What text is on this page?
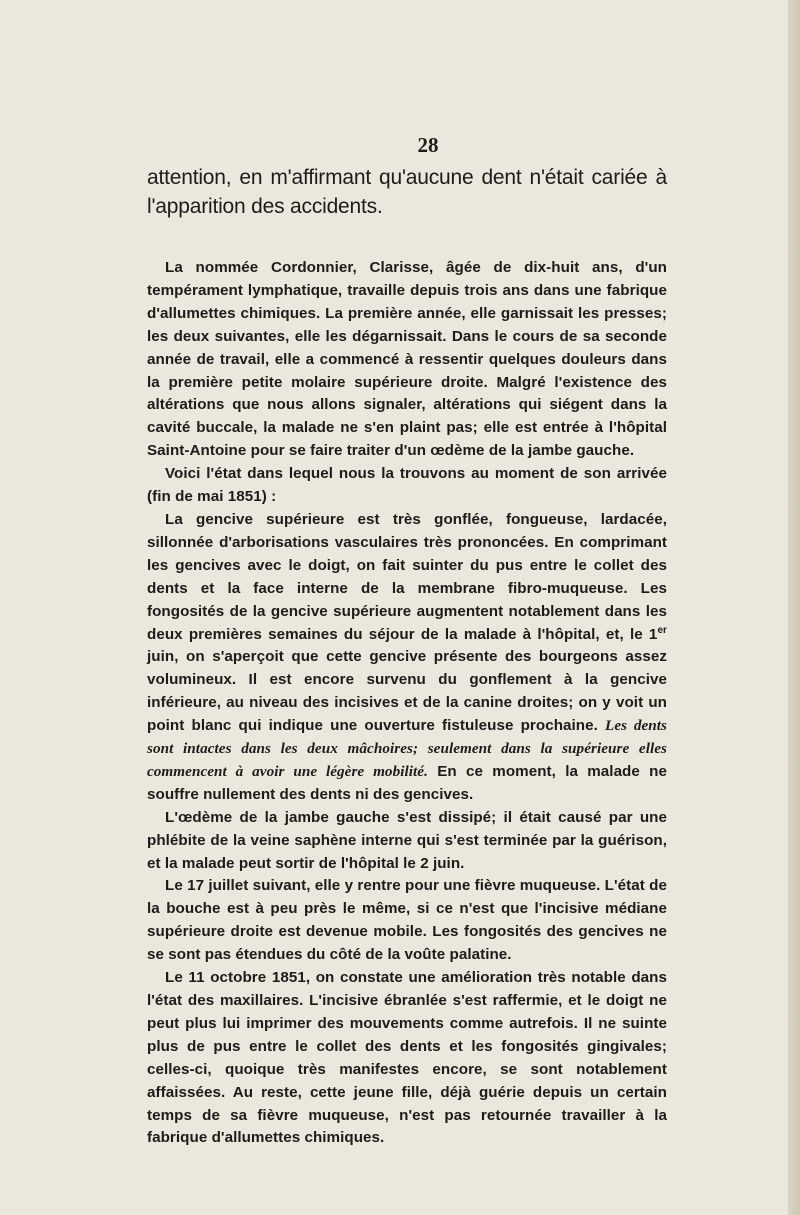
28

attention, en m'affirmant qu'aucune dent n'était cariée à l'apparition des accidents.

La nommée Cordonnier, Clarisse, âgée de dix-huit ans, d'un tempérament lymphatique, travaille depuis trois ans dans une fabrique d'allumettes chimiques. La première année, elle garnissait les presses; les deux suivantes, elle les dégarnissait. Dans le cours de sa seconde année de travail, elle a commencé à ressentir quelques douleurs dans la première petite molaire supérieure droite. Malgré l'existence des altérations que nous allons signaler, altérations qui siégent dans la cavité buccale, la malade ne s'en plaint pas; elle est entrée à l'hôpital Saint-Antoine pour se faire traiter d'un œdème de la jambe gauche.

Voici l'état dans lequel nous la trouvons au moment de son arrivée (fin de mai 1851) :

La gencive supérieure est très gonflée, fongueuse, lardacée, sillonnée d'arborisations vasculaires très prononcées. En comprimant les gencives avec le doigt, on fait suinter du pus entre le collet des dents et la face interne de la membrane fibro-muqueuse. Les fongosités de la gencive supérieure augmentent notablement dans les deux premières semaines du séjour de la malade à l'hôpital, et, le 1er juin, on s'aperçoit que cette gencive présente des bourgeons assez volumineux. Il est encore survenu du gonflement à la gencive inférieure, au niveau des incisives et de la canine droites; on y voit un point blanc qui indique une ouverture fistuleuse prochaine. Les dents sont intactes dans les deux mâchoires; seulement dans la supérieure elles commencent à avoir une légère mobilité. En ce moment, la malade ne souffre nullement des dents ni des gencives.

L'œdème de la jambe gauche s'est dissipé; il était causé par une phlébite de la veine saphène interne qui s'est terminée par la guérison, et la malade peut sortir de l'hôpital le 2 juin.

Le 17 juillet suivant, elle y rentre pour une fièvre muqueuse. L'état de la bouche est à peu près le même, si ce n'est que l'incisive médiane supérieure droite est devenue mobile. Les fongosités des gencives ne se sont pas étendues du côté de la voûte palatine.

Le 11 octobre 1851, on constate une amélioration très notable dans l'état des maxillaires. L'incisive ébranlée s'est raffermie, et le doigt ne peut plus lui imprimer des mouvements comme autrefois. Il ne suinte plus de pus entre le collet des dents et les fongosités gingivales; celles-ci, quoique très manifestes encore, se sont notablement affaissées. Au reste, cette jeune fille, déjà guérie depuis un certain temps de sa fièvre muqueuse, n'est pas retournée travailler à la fabrique d'allumettes chimiques.
